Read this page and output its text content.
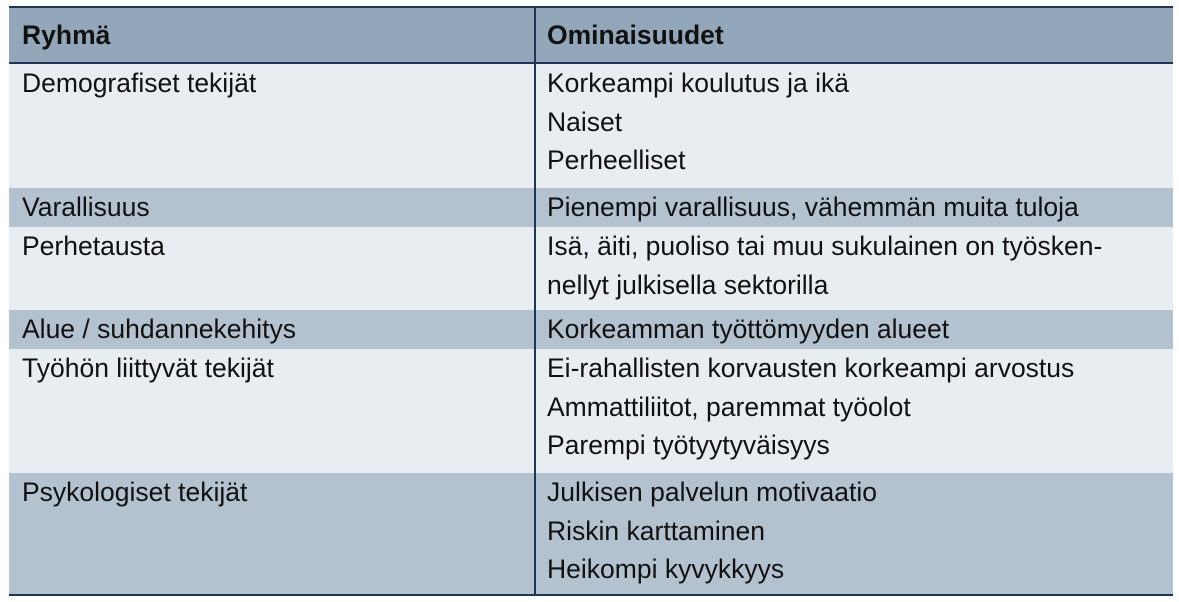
Ryhmä	Ominaisuudet
Demografiset tekijät	Korkeampi koulutus ja ikä
Naiset
Perheelliset
Varallisuus	Pienempi varallisuus, vähemmän muita tuloja
Perhetausta	Isä, äiti, puoliso tai muu sukulainen on työsken-
nellyt julkisella sektorilla
Alue / suhdannekehitys	Korkeamman työttömyyden alueet
Työhön liittyvät tekijät	Ei-rahallisten korvausten korkeampi arvostus
Ammattiliitot, paremmat työolot
Parempi työtyytyväisyys
Psykologiset tekijät	Julkisen palvelun motivaatio
Riskin karttaminen
Heikompi kyvykkyys
